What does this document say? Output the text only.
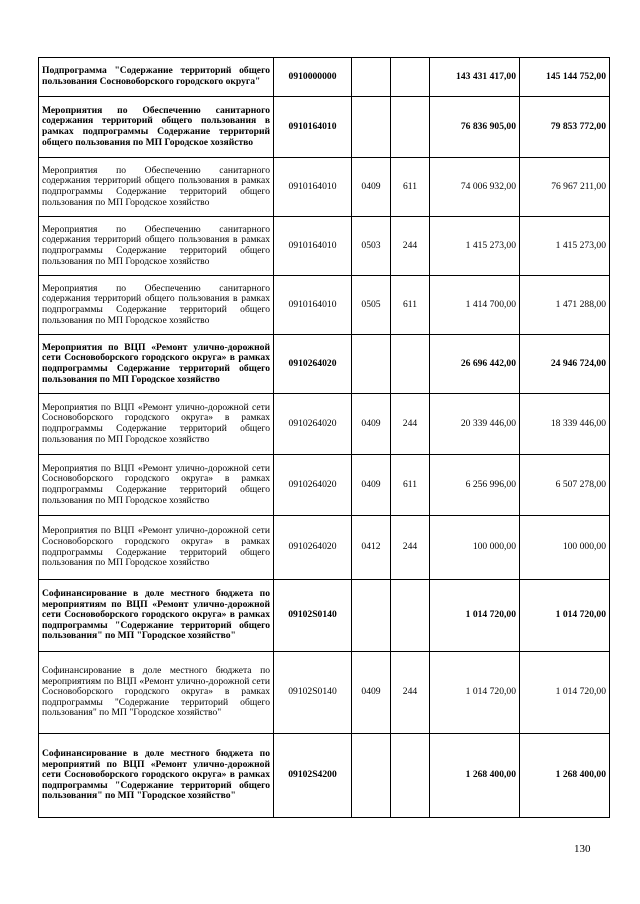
Подпрограмма "Содержание территорий общего пользования Сосновоборского городского округа"	0910000000			143 431 417,00	145 144 752,00
Мероприятия по Обеспечению санитарного содержания территорий общего пользования в рамках подпрограммы Содержание территорий общего пользования по МП Городское хозяйство	0910164010			76 836 905,00	79 853 772,00
Мероприятия по Обеспечению санитарного содержания территорий общего пользования в рамках подпрограммы Содержание территорий общего пользования по МП Городское хозяйство	0910164010	0409	611	74 006 932,00	76 967 211,00
Мероприятия по Обеспечению санитарного содержания территорий общего пользования в рамках подпрограммы Содержание территорий общего пользования по МП Городское хозяйство	0910164010	0503	244	1 415 273,00	1 415 273,00
Мероприятия по Обеспечению санитарного содержания территорий общего пользования в рамках подпрограммы Содержание территорий общего пользования по МП Городское хозяйство	0910164010	0505	611	1 414 700,00	1 471 288,00
Мероприятия по ВЦП «Ремонт улично-дорожной сети Сосновоборского городского округа» в рамках подпрограммы Содержание территорий общего пользования по МП Городское хозяйство	0910264020			26 696 442,00	24 946 724,00
Мероприятия по ВЦП «Ремонт улично-дорожной сети Сосновоборского городского округа» в рамках подпрограммы Содержание территорий общего пользования по МП Городское хозяйство	0910264020	0409	244	20 339 446,00	18 339 446,00
Мероприятия по ВЦП «Ремонт улично-дорожной сети Сосновоборского городского округа» в рамках подпрограммы Содержание территорий общего пользования по МП Городское хозяйство	0910264020	0409	611	6 256 996,00	6 507 278,00
Мероприятия по ВЦП «Ремонт улично-дорожной сети Сосновоборского городского округа» в рамках подпрограммы Содержание территорий общего пользования по МП Городское хозяйство	0910264020	0412	244	100 000,00	100 000,00
Софинансирование в доле местного бюджета по мероприятиям по ВЦП «Ремонт улично-дорожной сети Сосновоборского городского округа» в рамках подпрограммы "Содержание территорий общего пользования" по МП "Городское хозяйство"	09102S0140			1 014 720,00	1 014 720,00
Софинансирование в доле местного бюджета по мероприятиям по ВЦП «Ремонт улично-дорожной сети Сосновоборского городского округа» в рамках подпрограммы "Содержание территорий общего пользования" по МП "Городское хозяйство"	09102S0140	0409	244	1 014 720,00	1 014 720,00
Софинансирование в доле местного бюджета по мероприятий по ВЦП «Ремонт улично-дорожной сети Сосновоборского городского округа» в рамках подпрограммы "Содержание территорий общего пользования" по МП "Городское хозяйство"	09102S4200			1 268 400,00	1 268 400,00
130
